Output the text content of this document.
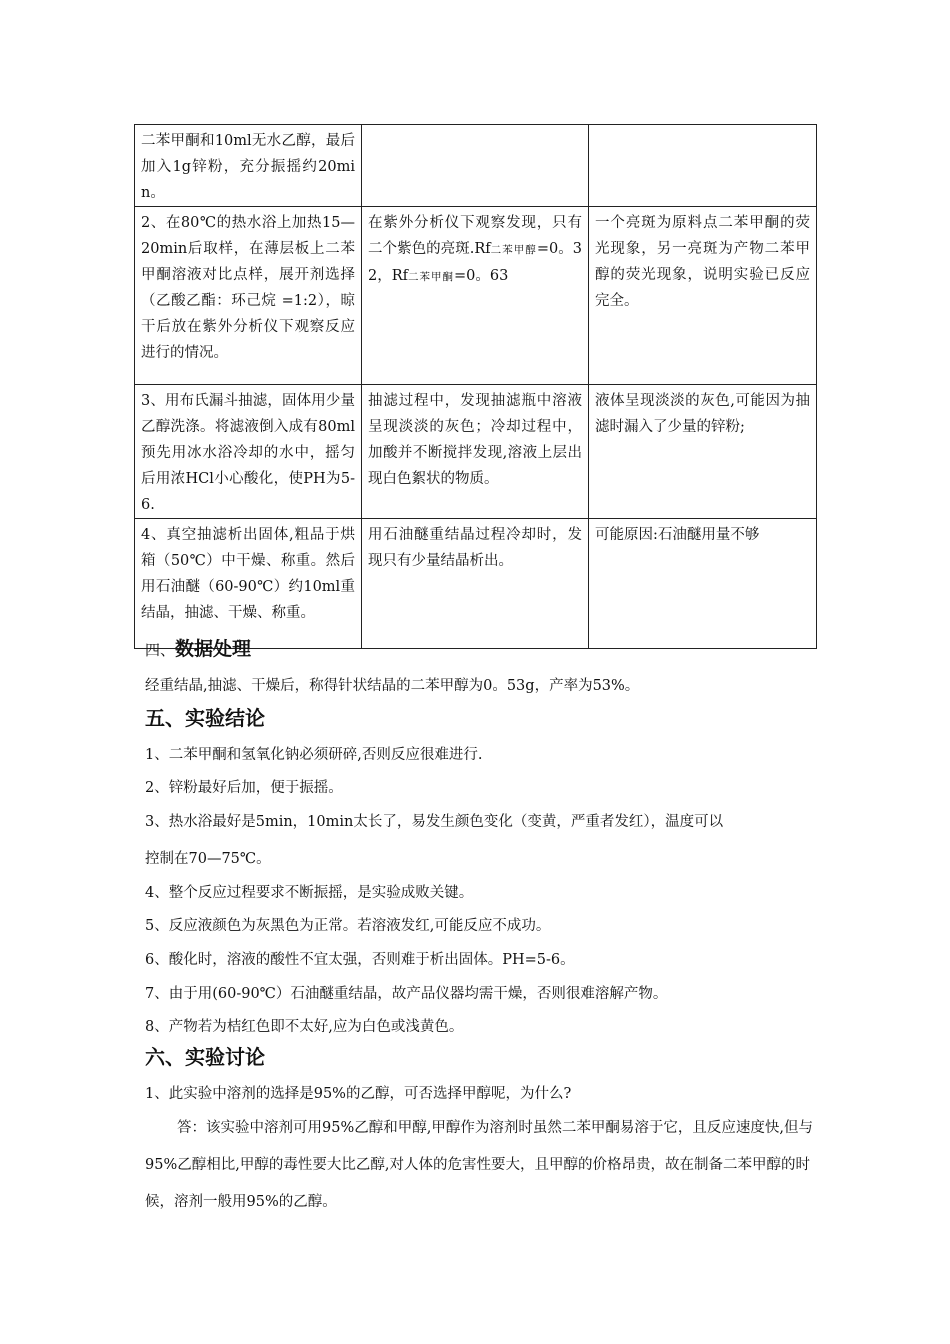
二苯甲酮和10ml无水乙醇，最后加入1g锌粉，充分振摇约20min。		
2、在80℃的热水浴上加热15—20min后取样，在薄层板上二苯甲酮溶液对比点样，展开剂选择（乙酸乙酯：环己烷 =1:2），晾干后放在紫外分析仪下观察反应进行的情况。	在紫外分析仪下观察发现，只有二个紫色的亮斑.Rf二苯甲醇=0。32，Rf二苯甲酮=0。63	一个亮斑为原料点二苯甲酮的荧光现象，另一亮斑为产物二苯甲醇的荧光现象，说明实验已反应完全。
3、用布氏漏斗抽滤，固体用少量乙醇洗涤。将滤液倒入成有80ml预先用冰水浴冷却的水中，摇匀后用浓HCl小心酸化，使PH为5-6.	抽滤过程中，发现抽滤瓶中溶液呈现淡淡的灰色；冷却过程中，加酸并不断搅拌发现,溶液上层出现白色絮状的物质。	液体呈现淡淡的灰色,可能因为抽滤时漏入了少量的锌粉;
4、真空抽滤析出固体,粗品于烘箱（50℃）中干燥、称重。然后用石油醚（60-90℃）约10ml重结晶，抽滤、干燥、称重。	用石油醚重结晶过程冷却时，发现只有少量结晶析出。	可能原因:石油醚用量不够
四、数据处理
经重结晶,抽滤、干燥后，称得针状结晶的二苯甲醇为0。53g，产率为53%。
五、实验结论
1、二苯甲酮和氢氧化钠必须研碎,否则反应很难进行.
2、锌粉最好后加，便于振摇。
3、热水浴最好是5min，10min太长了，易发生颜色变化（变黄，严重者发红），温度可以
控制在70—75℃。
4、整个反应过程要求不断振摇，是实验成败关键。
5、反应液颜色为灰黑色为正常。若溶液发红,可能反应不成功。
6、酸化时，溶液的酸性不宜太强，否则难于析出固体。PH=5-6。
7、由于用(60-90℃）石油醚重结晶，故产品仪器均需干燥，否则很难溶解产物。
8、产物若为桔红色即不太好,应为白色或浅黄色。
六、实验讨论
1、此实验中溶剂的选择是95%的乙醇，可否选择甲醇呢，为什么?
答：该实验中溶剂可用95%乙醇和甲醇,甲醇作为溶剂时虽然二苯甲酮易溶于它，且反应速度快,但与95%乙醇相比,甲醇的毒性要大比乙醇,对人体的危害性要大，且甲醇的价格昂贵，故在制备二苯甲醇的时候，溶剂一般用95%的乙醇。
